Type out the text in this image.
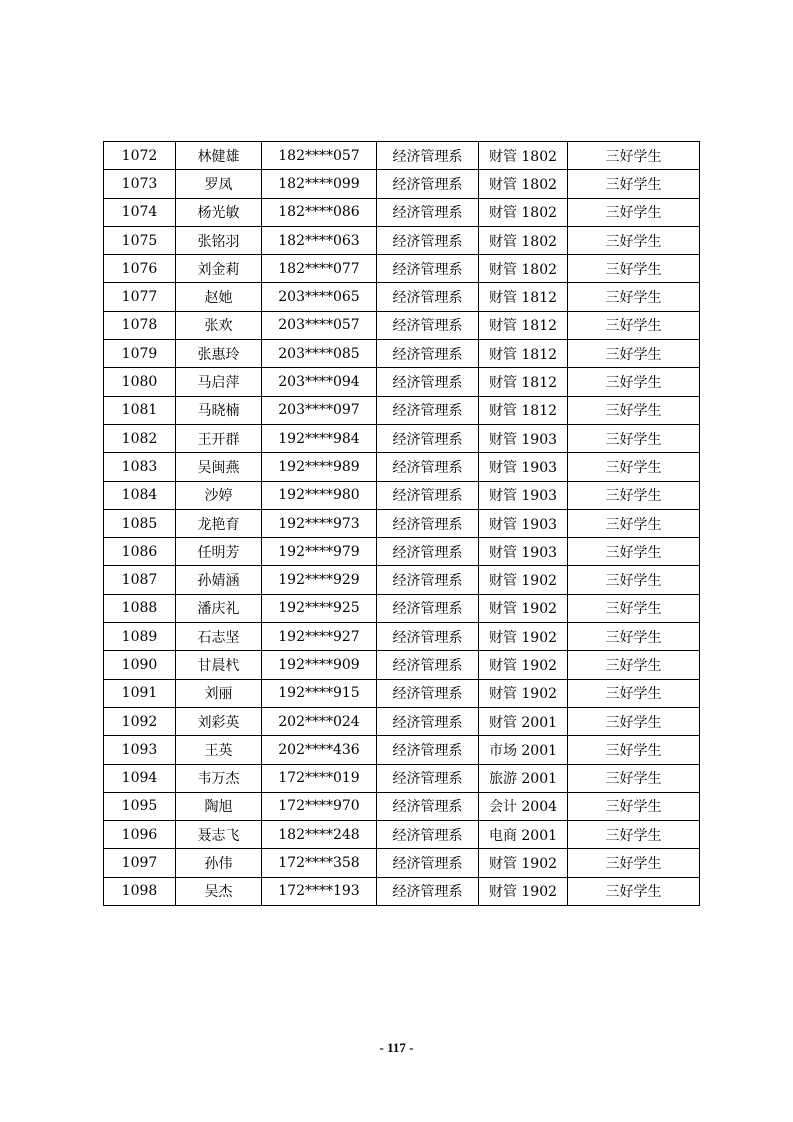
1072	林健雄	182****057	经济管理系	财管 1802	三好学生
1073	罗凤	182****099	经济管理系	财管 1802	三好学生
1074	杨光敏	182****086	经济管理系	财管 1802	三好学生
1075	张铭羽	182****063	经济管理系	财管 1802	三好学生
1076	刘金莉	182****077	经济管理系	财管 1802	三好学生
1077	赵她	203****065	经济管理系	财管 1812	三好学生
1078	张欢	203****057	经济管理系	财管 1812	三好学生
1079	张惠玲	203****085	经济管理系	财管 1812	三好学生
1080	马启萍	203****094	经济管理系	财管 1812	三好学生
1081	马晓楠	203****097	经济管理系	财管 1812	三好学生
1082	王开群	192****984	经济管理系	财管 1903	三好学生
1083	吴闽燕	192****989	经济管理系	财管 1903	三好学生
1084	沙婷	192****980	经济管理系	财管 1903	三好学生
1085	龙艳育	192****973	经济管理系	财管 1903	三好学生
1086	任明芳	192****979	经济管理系	财管 1903	三好学生
1087	孙婧涵	192****929	经济管理系	财管 1902	三好学生
1088	潘庆礼	192****925	经济管理系	财管 1902	三好学生
1089	石志坚	192****927	经济管理系	财管 1902	三好学生
1090	甘晨杙	192****909	经济管理系	财管 1902	三好学生
1091	刘丽	192****915	经济管理系	财管 1902	三好学生
1092	刘彩英	202****024	经济管理系	财管 2001	三好学生
1093	王英	202****436	经济管理系	市场 2001	三好学生
1094	韦万杰	172****019	经济管理系	旅游 2001	三好学生
1095	陶旭	172****970	经济管理系	会计 2004	三好学生
1096	聂志飞	182****248	经济管理系	电商 2001	三好学生
1097	孙伟	172****358	经济管理系	财管 1902	三好学生
1098	吴杰	172****193	经济管理系	财管 1902	三好学生
- 117 -
